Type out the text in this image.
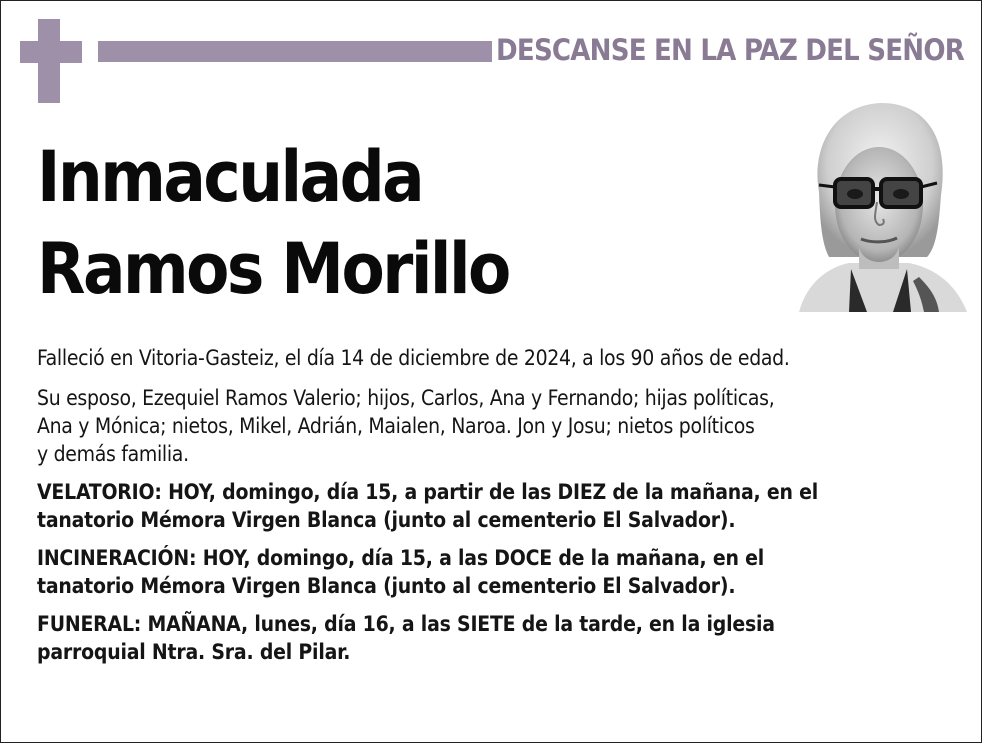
DESCANSE EN LA PAZ DEL SEÑOR
Inmaculada
Ramos Morillo

Falleció en Vitoria-Gasteiz, el día 14 de diciembre de 2024, a los 90 años de edad.

Su esposo, Ezequiel Ramos Valerio; hijos, Carlos, Ana y Fernando; hijas políticas,
Ana y Mónica; nietos, Mikel, Adrián, Maialen, Naroa. Jon y Josu; nietos políticos
y demás familia.

VELATORIO: HOY, domingo, día 15, a partir de las DIEZ de la mañana, en el
tanatorio Mémora Virgen Blanca (junto al cementerio El Salvador).

INCINERACIÓN: HOY, domingo, día 15, a las DOCE de la mañana, en el
tanatorio Mémora Virgen Blanca (junto al cementerio El Salvador).

FUNERAL: MAÑANA, lunes, día 16, a las SIETE de la tarde, en la iglesia
parroquial Ntra. Sra. del Pilar.
